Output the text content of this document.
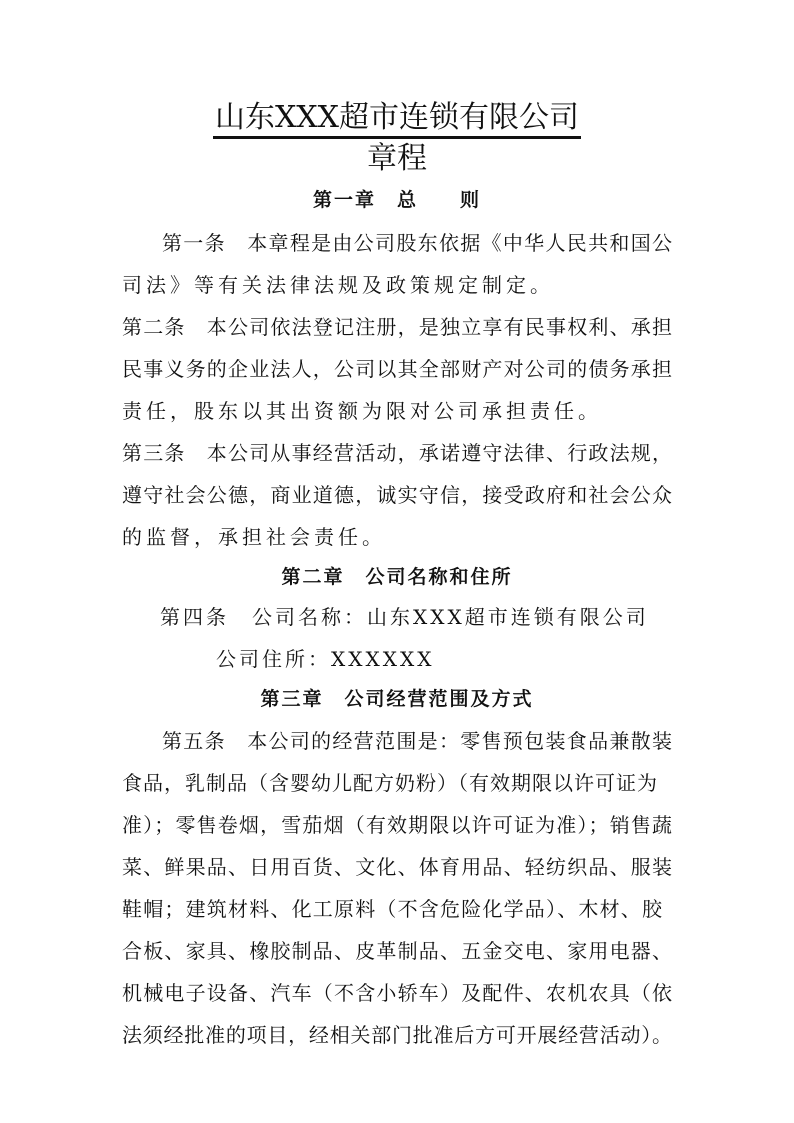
山东XXX超市连锁有限公司
章程
第一章　总　　则
第一条　本章程是由公司股东依据《中华人民共和国公
司法》等有关法律法规及政策规定制定。
第二条　本公司依法登记注册，是独立享有民事权利、承担
民事义务的企业法人，公司以其全部财产对公司的债务承担
责任，股东以其出资额为限对公司承担责任。
第三条　本公司从事经营活动，承诺遵守法律、行政法规，
遵守社会公德，商业道德，诚实守信，接受政府和社会公众
的监督，承担社会责任。
第二章　公司名称和住所
第四条　公司名称：山东XXX超市连锁有限公司
公司住所：XXXXXX
第三章　公司经营范围及方式
第五条　本公司的经营范围是：零售预包装食品兼散装
食品，乳制品（含婴幼儿配方奶粉）（有效期限以许可证为
准）；零售卷烟，雪茄烟（有效期限以许可证为准）；销售蔬
菜、鲜果品、日用百货、文化、体育用品、轻纺织品、服装
鞋帽；建筑材料、化工原料（不含危险化学品）、木材、胶
合板、家具、橡胶制品、皮革制品、五金交电、家用电器、
机械电子设备、汽车（不含小轿车）及配件、农机农具（依
法须经批准的项目，经相关部门批准后方可开展经营活动）。
